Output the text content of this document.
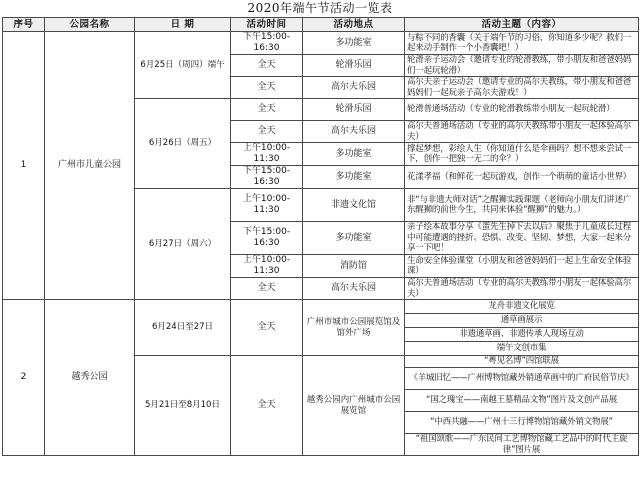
2020年端午节活动一览表
序号	公园名称	日 期	活动时间	活动地点	活动主题（内容）
1	广州市儿童公园	6月25日（周四）端午	下午15:00-16:30	多功能室	与粽不同的香囊（关于端午节的习俗，你知道多少呢？救们一起来动手制作一个小香囊吧！）
			全天	轮滑乐园	轮滑亲子运动会（邀请专业的轮滑教练，带小朋友和爸爸妈妈们一起玩轮滑）
			全天	高尔夫乐园	高尔夫亲子运动会（邀请专业的高尔夫教练，带小朋友和爸爸妈妈们一起玩亲子高尔夫游戏！）
		6月26日（周五）	全天	轮滑乐园	轮滑普通场活动（专业的轮滑教练带小朋友一起玩轮滑）
			全天	高尔夫乐园	高尔夫普通场活动（专业的高尔夫教练带小朋友一起体验高尔夫）
			上午10:00-11:30	多功能室	撑起梦想，彩绘人生（你知道什么是伞画吗？想不想来尝试一下，创作一把独一无二的伞？）
			下午15:00-16:30	多功能室	花漾孝福（和鲜花一起玩游戏，创作一个萌萌的童话小世界）
		6月27日（周六）	上午10:00-11:30	非遗文化馆	非“与非遗大师对话”之醒狮实践课题（老师向小朋友们讲述广东醒狮的前世今生，共同来体验“醒狮”的魅力。）
			下午15:00-16:30	多功能室	亲子绘本故事分享《蛋先生掉下去以后》聚焦于儿童成长过程中可能遭遇的挫折、恐惧、改变、坚韧、梦想，大家一起来分享一下吧！
			上午10:00-11:30	消防馆	生命安全体验课堂（小朋友和爸爸妈妈们一起上生命安全体验课）
			全天	高尔夫乐园	高尔夫普通场活动（专业的高尔夫教练带小朋友一起体验高尔夫）
2	越秀公园	6月24日至27日	全天	广州市城市公园展览馆及馆外广场	龙舟非遗文化展览
					通草画展示
					非遗通草画、非遗传承人现场互动
					端午文创市集
		5月21日至8月10日	全天	越秀公园内广州城市公园展览馆	“粤见名博”四馆联展
					《羊城旧忆——广州博物馆藏外销通草画中的广府民俗节庆》
					“国之瑰宝——南越王墓精品文物”图片及文创产品展
					“中西共融——广州十三行博物馆馆藏外销文物展”
					“祖国颂歌——广东民间工艺博物馆藏工艺品中的时代主旋律”图片展
